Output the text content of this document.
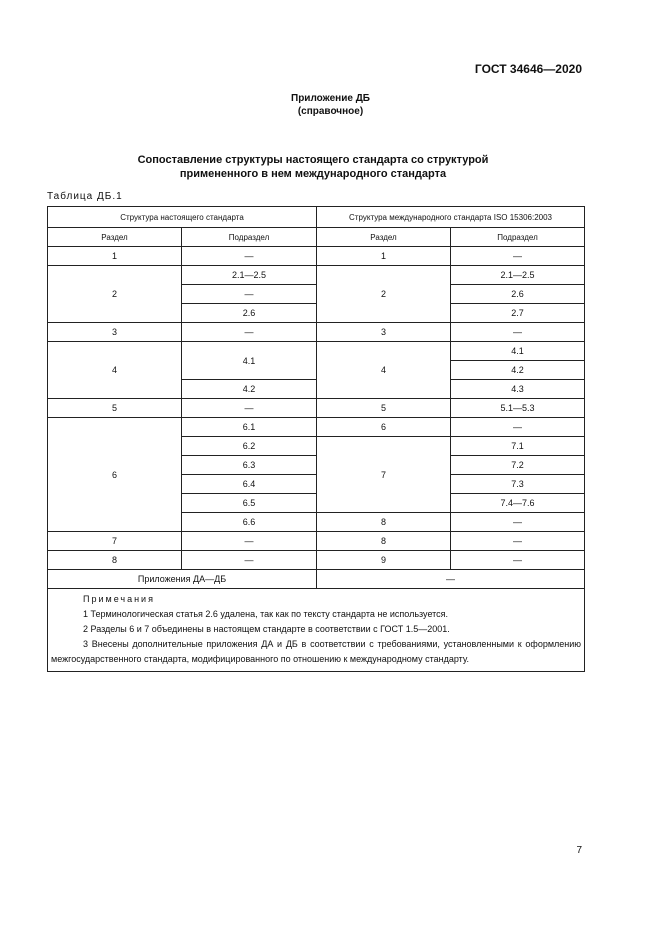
ГОСТ 34646—2020
Приложение ДБ
(справочное)
Сопоставление структуры настоящего стандарта со структурой
примененного в нем международного стандарта
Таблица ДБ.1
Структура настоящего стандарта		Структура международного стандарта ISO 15306:2003	
Раздел	Подраздел	Раздел	Подраздел
1	—	1	—
2	2.1—2.5	2	2.1—2.5
	—		2.6
	2.6		2.7
3	—	3	—
4	4.1	4	4.1
			4.2
	4.2		4.3
5	—	5	5.1—5.3
6	6.1	6	—
	6.2	7	7.1
	6.3		7.2
	6.4		7.3
	6.5		7.4—7.6
	6.6	8	—
7	—	8	—
8	—	9	—
Приложения ДА—ДБ		—	

Примечания
1 Терминологическая статья 2.6 удалена, так как по тексту стандарта не используется.
2 Разделы 6 и 7 объединены в настоящем стандарте в соответствии с ГОСТ 1.5—2001.
3 Внесены дополнительные приложения ДА и ДБ в соответствии с требованиями, установленными к оформлению межгосударственного стандарта, модифицированного по отношению к международному стандарту.			
7
